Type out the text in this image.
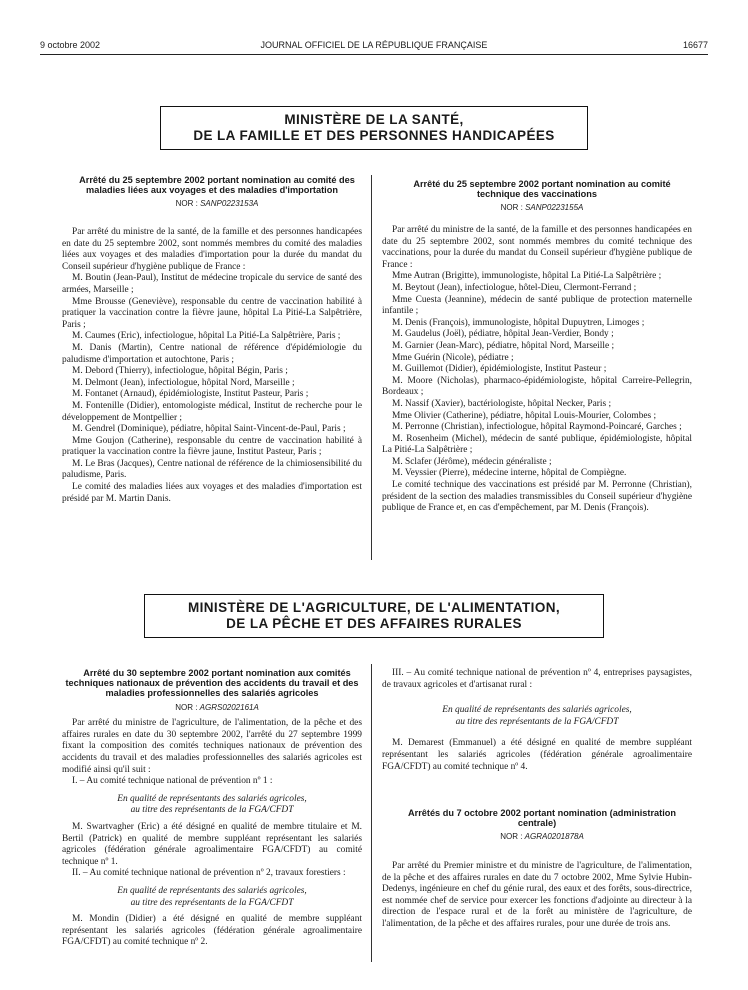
9 octobre 2002	JOURNAL OFFICIEL DE LA RÉPUBLIQUE FRANÇAISE	16677
MINISTÈRE DE LA SANTÉ,
DE LA FAMILLE ET DES PERSONNES HANDICAPÉES

Arrêté du 25 septembre 2002 portant nomination au comité des maladies liées aux voyages et des maladies d'importation

NOR : SANP0223153A

Par arrêté du ministre de la santé, de la famille et des personnes handicapées en date du 25 septembre 2002, sont nommés membres du comité des maladies liées aux voyages et des maladies d'importation pour la durée du mandat du Conseil supérieur d'hygiène publique de France :

M. Boutin (Jean-Paul), Institut de médecine tropicale du service de santé des armées, Marseille ;

Mme Brousse (Geneviève), responsable du centre de vaccination habilité à pratiquer la vaccination contre la fièvre jaune, hôpital La Pitié-La Salpêtrière, Paris ;

M. Caumes (Eric), infectiologue, hôpital La Pitié-La Salpêtrière, Paris ;

M. Danis (Martin), Centre national de référence d'épidémiologie du paludisme d'importation et autochtone, Paris ;

M. Debord (Thierry), infectiologue, hôpital Bégin, Paris ;

M. Delmont (Jean), infectiologue, hôpital Nord, Marseille ;

M. Fontanet (Arnaud), épidémiologiste, Institut Pasteur, Paris ;

M. Fontenille (Didier), entomologiste médical, Institut de recherche pour le développement de Montpellier ;

M. Gendrel (Dominique), pédiatre, hôpital Saint-Vincent-de-Paul, Paris ;

Mme Goujon (Catherine), responsable du centre de vaccination habilité à pratiquer la vaccination contre la fièvre jaune, Institut Pasteur, Paris ;

M. Le Bras (Jacques), Centre national de référence de la chimiosensibilité du paludisme, Paris.

Le comité des maladies liées aux voyages et des maladies d'importation est présidé par M. Martin Danis.

Arrêté du 25 septembre 2002 portant nomination au comité technique des vaccinations

NOR : SANP0223155A

Par arrêté du ministre de la santé, de la famille et des personnes handicapées en date du 25 septembre 2002, sont nommés membres du comité technique des vaccinations, pour la durée du mandat du Conseil supérieur d'hygiène publique de France :

Mme Autran (Brigitte), immunologiste, hôpital La Pitié-La Salpêtrière ;

M. Beytout (Jean), infectiologue, hôtel-Dieu, Clermont-Ferrand ;

Mme Cuesta (Jeannine), médecin de santé publique de protection maternelle infantile ;

M. Denis (François), immunologiste, hôpital Dupuytren, Limoges ;

M. Gaudelus (Joël), pédiatre, hôpital Jean-Verdier, Bondy ;

M. Garnier (Jean-Marc), pédiatre, hôpital Nord, Marseille ;

Mme Guérin (Nicole), pédiatre ;

M. Guillemot (Didier), épidémiologiste, Institut Pasteur ;

M. Moore (Nicholas), pharmaco-épidémiologiste, hôpital Carreire-Pellegrin, Bordeaux ;

M. Nassif (Xavier), bactériologiste, hôpital Necker, Paris ;

Mme Olivier (Catherine), pédiatre, hôpital Louis-Mourier, Colombes ;

M. Perronne (Christian), infectiologue, hôpital Raymond-Poincaré, Garches ;

M. Rosenheim (Michel), médecin de santé publique, épidémiologiste, hôpital La Pitié-La Salpêtrière ;

M. Sclafer (Jérôme), médecin généraliste ;

M. Veyssier (Pierre), médecine interne, hôpital de Compiègne.

Le comité technique des vaccinations est présidé par M. Perronne (Christian), président de la section des maladies transmissibles du Conseil supérieur d'hygiène publique de France et, en cas d'empêchement, par M. Denis (François).

MINISTÈRE DE L'AGRICULTURE, DE L'ALIMENTATION,
DE LA PÊCHE ET DES AFFAIRES RURALES

Arrêté du 30 septembre 2002 portant nomination aux comités techniques nationaux de prévention des accidents du travail et des maladies professionnelles des salariés agricoles

NOR : AGRS0202161A

Par arrêté du ministre de l'agriculture, de l'alimentation, de la pêche et des affaires rurales en date du 30 septembre 2002, l'arrêté du 27 septembre 1999 fixant la composition des comités techniques nationaux de prévention des accidents du travail et des maladies professionnelles des salariés agricoles est modifié ainsi qu'il suit :

I. – Au comité technique national de prévention nº 1 :

En qualité de représentants des salariés agricoles,

au titre des représentants de la FGA/CFDT

M. Swartvagher (Eric) a été désigné en qualité de membre titulaire et M. Bertil (Patrick) en qualité de membre suppléant représentant les salariés agricoles (fédération générale agroalimentaire FGA/CFDT) au comité technique nº 1.

II. – Au comité technique national de prévention nº 2, travaux forestiers :

En qualité de représentants des salariés agricoles,

au titre des représentants de la FGA/CFDT

M. Mondin (Didier) a été désigné en qualité de membre suppléant représentant les salariés agricoles (fédération générale agroalimentaire FGA/CFDT) au comité technique nº 2.

III. – Au comité technique national de prévention nº 4, entreprises paysagistes, de travaux agricoles et d'artisanat rural :

En qualité de représentants des salariés agricoles,

au titre des représentants de la FGA/CFDT

M. Demarest (Emmanuel) a été désigné en qualité de membre suppléant représentant les salariés agricoles (fédération générale agroalimentaire FGA/CFDT) au comité technique nº 4.

Arrêtés du 7 octobre 2002 portant nomination (administration centrale)

NOR : AGRA0201878A

Par arrêté du Premier ministre et du ministre de l'agriculture, de l'alimentation, de la pêche et des affaires rurales en date du 7 octobre 2002, Mme Sylvie Hubin-Dedenys, ingénieure en chef du génie rural, des eaux et des forêts, sous-directrice, est nommée chef de service pour exercer les fonctions d'adjointe au directeur à la direction de l'espace rural et de la forêt au ministère de l'agriculture, de l'alimentation, de la pêche et des affaires rurales, pour une durée de trois ans.
